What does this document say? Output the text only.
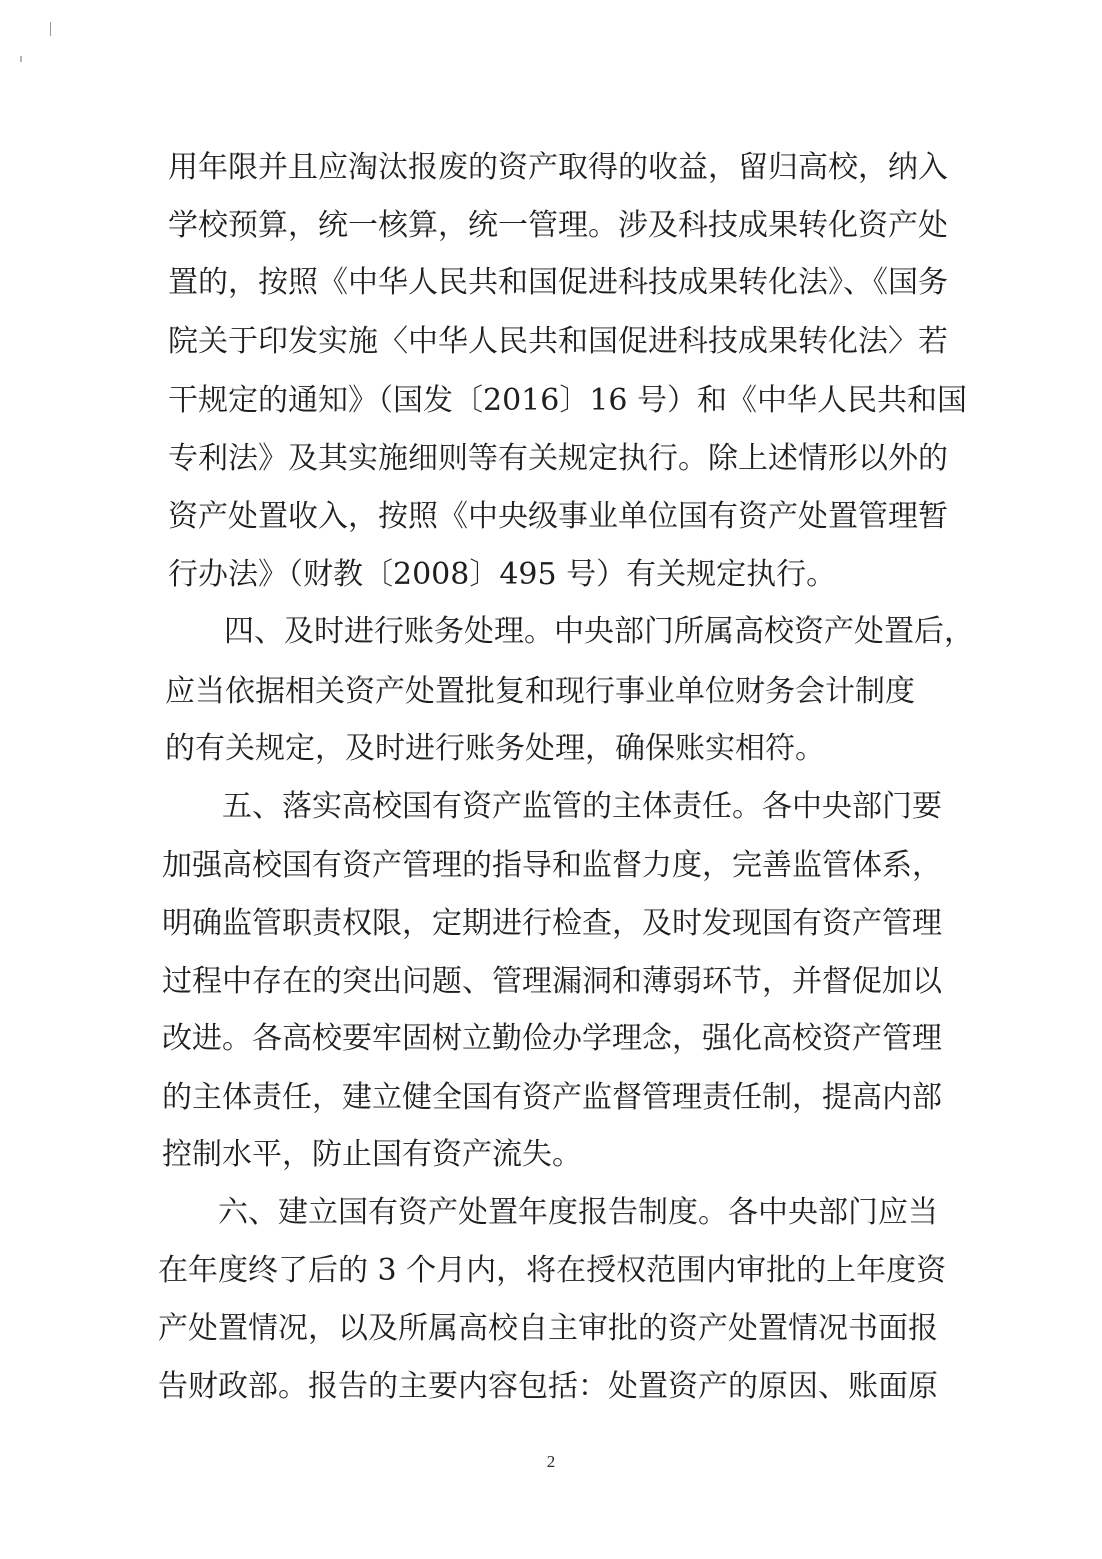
用年限并且应淘汰报废的资产取得的收益，留归高校，纳入
学校预算，统一核算，统一管理。涉及科技成果转化资产处
置的，按照《中华人民共和国促进科技成果转化法》、《国务
院关于印发实施〈中华人民共和国促进科技成果转化法〉若
干规定的通知》（国发〔2016〕16 号）和《中华人民共和国
专利法》及其实施细则等有关规定执行。除上述情形以外的
资产处置收入，按照《中央级事业单位国有资产处置管理暂
行办法》（财教〔2008〕495 号）有关规定执行。
四、及时进行账务处理。中央部门所属高校资产处置后，
应当依据相关资产处置批复和现行事业单位财务会计制度
的有关规定，及时进行账务处理，确保账实相符。
五、落实高校国有资产监管的主体责任。各中央部门要
加强高校国有资产管理的指导和监督力度，完善监管体系，
明确监管职责权限，定期进行检查，及时发现国有资产管理
过程中存在的突出问题、管理漏洞和薄弱环节，并督促加以
改进。各高校要牢固树立勤俭办学理念，强化高校资产管理
的主体责任，建立健全国有资产监督管理责任制，提高内部
控制水平，防止国有资产流失。
六、建立国有资产处置年度报告制度。各中央部门应当
在年度终了后的 3 个月内，将在授权范围内审批的上年度资
产处置情况，以及所属高校自主审批的资产处置情况书面报
告财政部。报告的主要内容包括：处置资产的原因、账面原
2
